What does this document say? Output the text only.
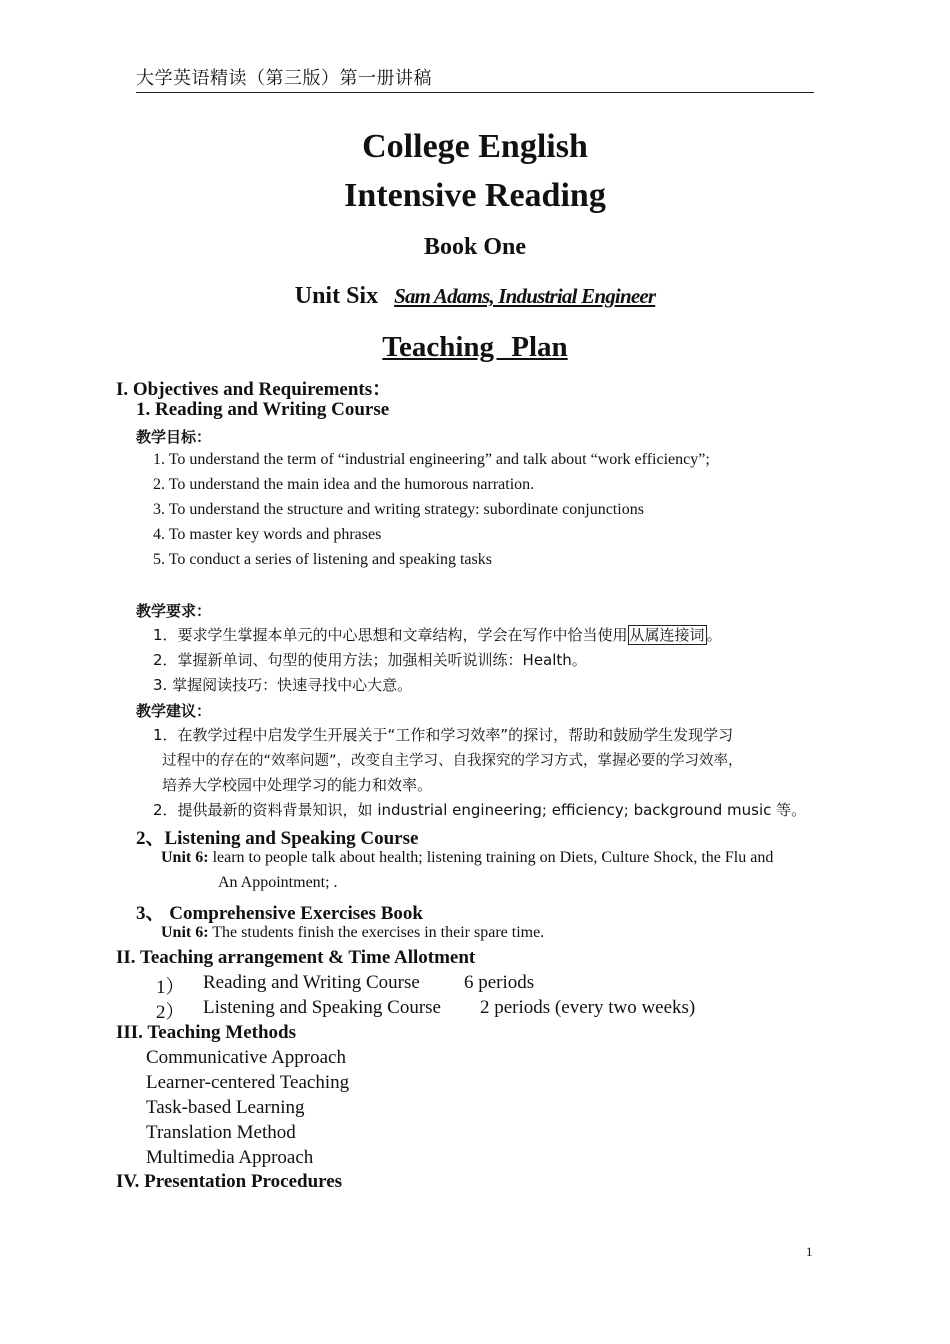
大学英语精读（第三版）第一册讲稿
College English
Intensive Reading
Book One
Unit Six Sam Adams, Industrial Engineer
Teaching Plan
I. Objectives and Requirements：
1. Reading and Writing Course
教学目标：
1. To understand the term of “industrial engineering” and talk about “work efficiency”;
2. To understand the main idea and the humorous narration.
3. To understand the structure and writing strategy: subordinate conjunctions
4. To master key words and phrases
5. To conduct a series of listening and speaking tasks
教学要求：
1．要求学生掌握本单元的中心思想和文章结构，学会在写作中恰当使用 从属连接词 。
2．掌握新单词、句型的使用方法；加强相关听说训练：Health。
3. 掌握阅读技巧：快速寻找中心大意。
教学建议：
1．在教学过程中启发学生开展关于“工作和学习效率”的探讨，帮助和鼓励学生发现学习
过程中的存在的“效率问题”，改变自主学习、自我探究的学习方式，掌握必要的学习效率，
培养大学校园中处理学习的能力和效率。
2．提供最新的资料背景知识，如 industrial engineering; efficiency; background music 等。
2、Listening and Speaking Course
Unit 6: learn to people talk about health; listening training on Diets, Culture Shock, the Flu and
An Appointment; .
3、 Comprehensive Exercises Book
Unit 6: The students finish the exercises in their spare time.
II. Teaching arrangement & Time Allotment
1） Reading and Writing Course 6 periods
2） Listening and Speaking Course 2 periods (every two weeks)
III. Teaching Methods
Communicative Approach
Learner-centered Teaching
Task-based Learning
Translation Method
Multimedia Approach
IV. Presentation Procedures
1
